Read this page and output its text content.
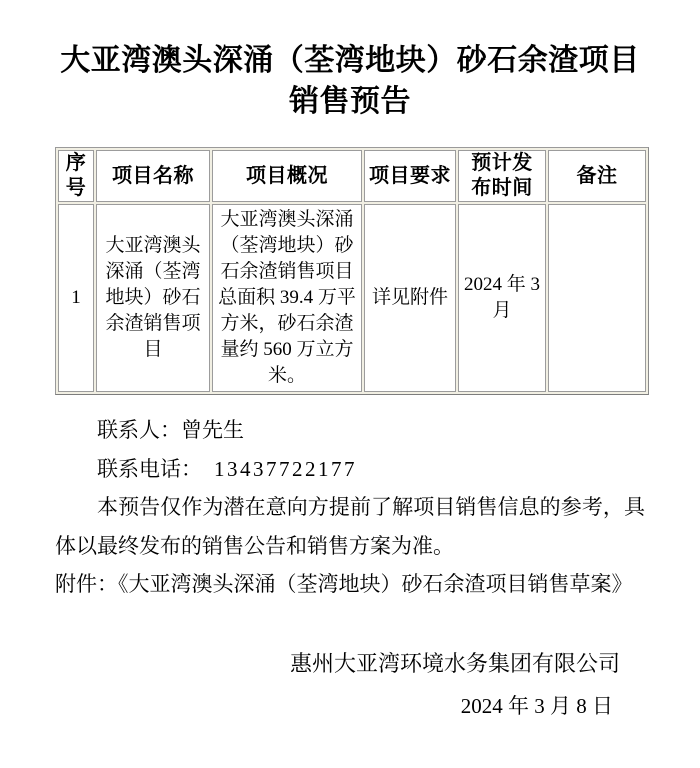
大亚湾澳头深涌（荃湾地块）砂石余渣项目
销售预告
序号	项目名称	项目概况	项目要求	预计发布时间	备注
1	大亚湾澳头深涌（荃湾地块）砂石余渣销售项目	大亚湾澳头深涌（荃湾地块）砂石余渣销售项目总面积 39.4 万平方米，砂石余渣量约 560 万立方米。	详见附件	2024 年 3 月	

联系人：曾先生

联系电话： 13437722177

本预告仅作为潜在意向方提前了解项目销售信息的参考，具体以最终发布的销售公告和销售方案为准。

附件：《大亚湾澳头深涌（荃湾地块）砂石余渣项目销售草案》

惠州大亚湾环境水务集团有限公司

2024 年 3 月 8 日
